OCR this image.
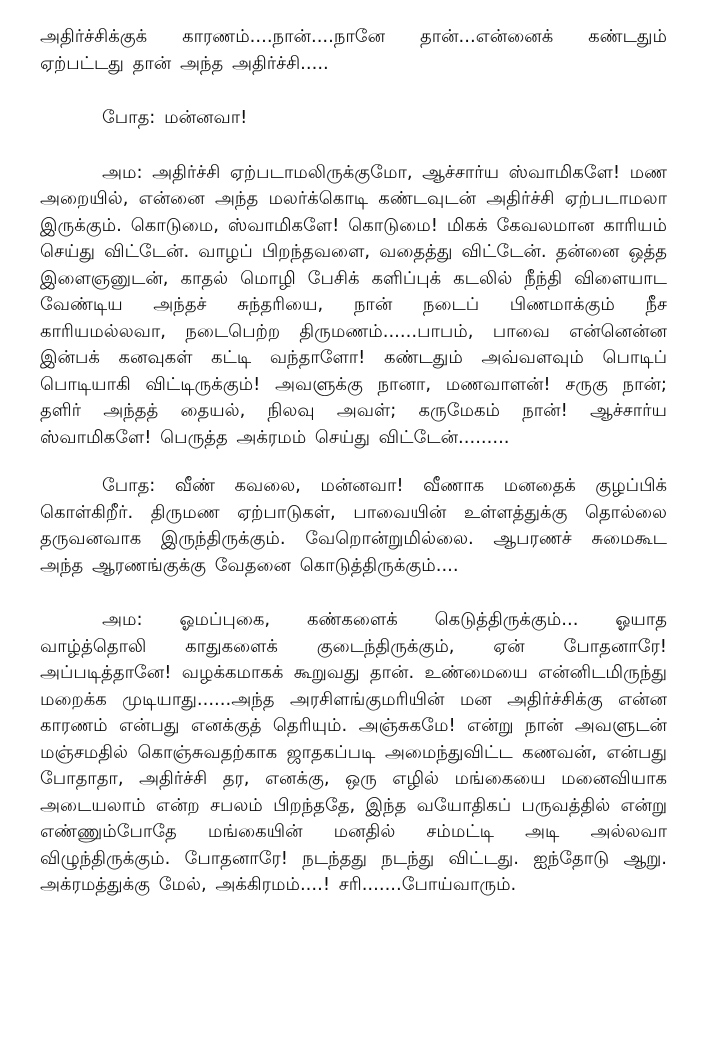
அதிர்ச்சிக்குக் காரணம்....நான்....நானே தான்...என்னைக் கண்டதும் ஏற்பட்டது தான் அந்த அதிர்ச்சி.....

போத: மன்னவா!

அம: அதிர்ச்சி ஏற்படாமலிருக்குமோ, ஆச்சார்ய ஸ்வாமிகளே! மண அறையில், என்னை அந்த மலர்க்கொடி கண்டவுடன் அதிர்ச்சி ஏற்படாமலா இருக்கும். கொடுமை, ஸ்வாமிகளே! கொடுமை! மிகக் கேவலமான காரியம் செய்து விட்டேன். வாழப் பிறந்தவளை, வதைத்து விட்டேன். தன்னை ஒத்த இளைஞனுடன், காதல் மொழி பேசிக் களிப்புக் கடலில் நீந்தி விளையாட வேண்டிய அந்தச் சுந்தரியை, நான் நடைப் பிணமாக்கும் நீச காரியமல்லவா, நடைபெற்ற திருமணம்......பாபம், பாவை என்னென்ன இன்பக் கனவுகள் கட்டி வந்தாளோ! கண்டதும் அவ்வளவும் பொடிப் பொடியாகி விட்டிருக்கும்! அவளுக்கு நானா, மணவாளன்! சருகு நான்; தளிர் அந்தத் தையல், நிலவு அவள்; கருமேகம் நான்! ஆச்சார்ய ஸ்வாமிகளே! பெருத்த அக்ரமம் செய்து விட்டேன்.........

போத: வீண் கவலை, மன்னவா! வீணாக மனதைக் குழப்பிக் கொள்கிறீர். திருமண ஏற்பாடுகள், பாவையின் உள்ளத்துக்கு தொல்லை தருவனவாக இருந்திருக்கும். வேறொன்றுமில்லை. ஆபரணச் சுமைகூட அந்த ஆரணங்குக்கு வேதனை கொடுத்திருக்கும்....

அம: ஓமப்புகை, கண்களைக் கெடுத்திருக்கும்... ஓயாத வாழ்த்தொலி காதுகளைக் குடைந்திருக்கும், ஏன் போதனாரே! அப்படித்தானே! வழக்கமாகக் கூறுவது தான். உண்மையை என்னிடமிருந்து மறைக்க முடியாது......அந்த அரசிளங்குமரியின் மன அதிர்ச்சிக்கு என்ன காரணம் என்பது எனக்குத் தெரியும். அஞ்சுகமே! என்று நான் அவளுடன் மஞ்சமதில் கொஞ்சுவதற்காக ஜாதகப்படி அமைந்துவிட்ட கணவன், என்பது போதாதா, அதிர்ச்சி தர, எனக்கு, ஒரு எழில் மங்கையை மனைவியாக அடையலாம் என்ற சபலம் பிறந்ததே, இந்த வயோதிகப் பருவத்தில் என்று எண்ணும்போதே மங்கையின் மனதில் சம்மட்டி அடி அல்லவா விழுந்திருக்கும். போதனாரே! நடந்தது நடந்து விட்டது. ஐந்தோடு ஆறு. அக்ரமத்துக்கு மேல், அக்கிரமம்....! சரி.......போய்வாரும்.
